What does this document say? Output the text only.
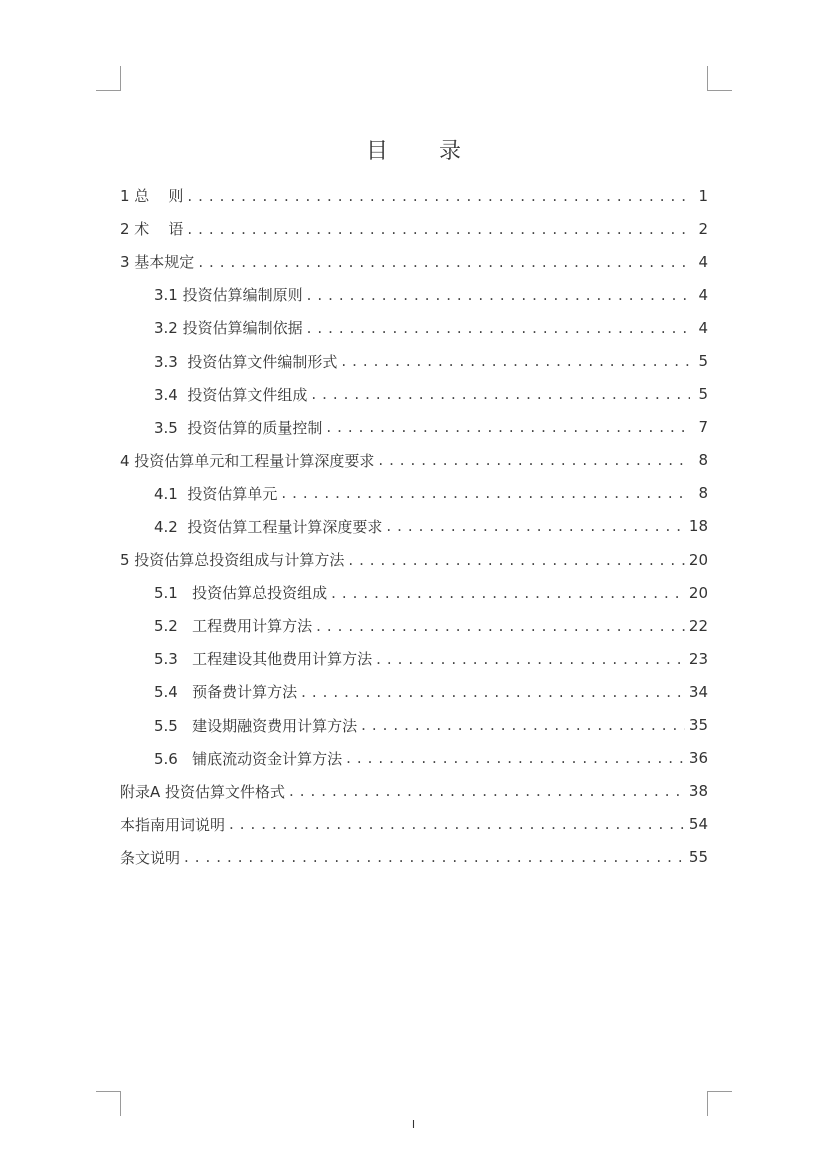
目 录
1 总    则 . . .	1
2 术    语 . . .	2
3 基本规定 . . .	4
3.1 投资估算编制原则 . . .	4
3.2 投资估算编制依据 . . .	4
3.3  投资估算文件编制形式 . . .	5
3.4  投资估算文件组成 . . .	5
3.5  投资估算的质量控制 . . .	7
4 投资估算单元和工程量计算深度要求 . . .	8
4.1  投资估算单元 . . .	8
4.2  投资估算工程量计算深度要求 . . .	18
5 投资估算总投资组成与计算方法 . . .	20
5.1   投资估算总投资组成 . . .	20
5.2   工程费用计算方法 . . .	22
5.3   工程建设其他费用计算方法 . . .	23
5.4   预备费计算方法 . . .	34
5.5   建设期融资费用计算方法 . . .	35
5.6   铺底流动资金计算方法 . . .	36
附录A 投资估算文件格式 . . .	38
本指南用词说明 . . .	54
条文说明 . . .	55
I
